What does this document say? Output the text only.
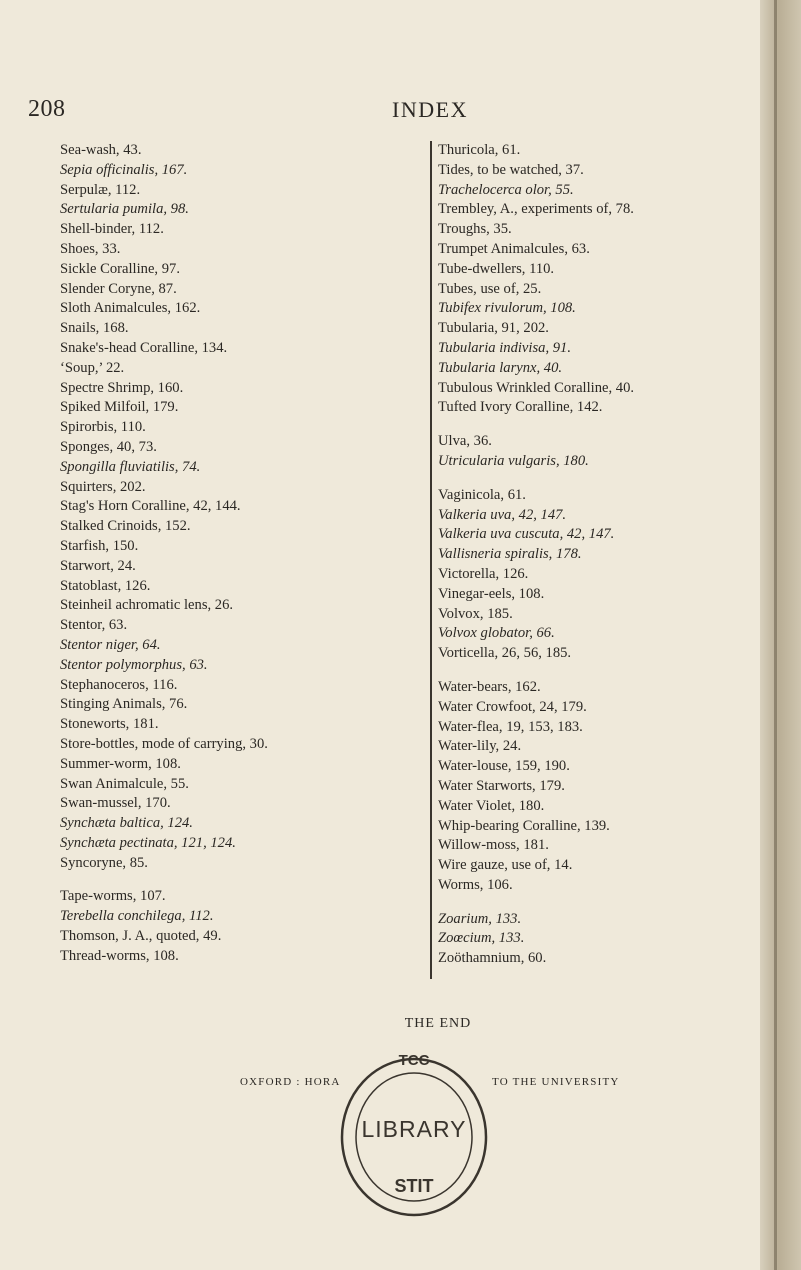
208	INDEX
Sea-wash, 43.
Sepia officinalis, 167.
Serpulæ, 112.
Sertularia pumila, 98.
Shell-binder, 112.
Shoes, 33.
Sickle Coralline, 97.
Slender Coryne, 87.
Sloth Animalcules, 162.
Snails, 168.
Snake's-head Coralline, 134.
‘Soup,’ 22.
Spectre Shrimp, 160.
Spiked Milfoil, 179.
Spirorbis, 110.
Sponges, 40, 73.
Spongilla fluviatilis, 74.
Squirters, 202.
Stag's Horn Coralline, 42, 144.
Stalked Crinoids, 152.
Starfish, 150.
Starwort, 24.
Statoblast, 126.
Steinheil achromatic lens, 26.
Stentor, 63.
Stentor niger, 64.
Stentor polymorphus, 63.
Stephanoceros, 116.
Stinging Animals, 76.
Stoneworts, 181.
Store-bottles, mode of carrying, 30.
Summer-worm, 108.
Swan Animalcule, 55.
Swan-mussel, 170.
Synchæta baltica, 124.
Synchæta pectinata, 121, 124.
Syncoryne, 85.
Tape-worms, 107.
Terebella conchilega, 112.
Thomson, J. A., quoted, 49.
Thread-worms, 108.
Thuricola, 61.
Tides, to be watched, 37.
Trachelocerca olor, 55.
Trembley, A., experiments of, 78.
Troughs, 35.
Trumpet Animalcules, 63.
Tube-dwellers, 110.
Tubes, use of, 25.
Tubifex rivulorum, 108.
Tubularia, 91, 202.
Tubularia indivisa, 91.
Tubularia larynx, 40.
Tubulous Wrinkled Coralline, 40.
Tufted Ivory Coralline, 142.
Ulva, 36.
Utricularia vulgaris, 180.
Vaginicola, 61.
Valkeria uva, 42, 147.
Valkeria uva cuscuta, 42, 147.
Vallisneria spiralis, 178.
Victorella, 126.
Vinegar-eels, 108.
Volvox, 185.
Volvox globator, 66.
Vorticella, 26, 56, 185.
Water-bears, 162.
Water Crowfoot, 24, 179.
Water-flea, 19, 153, 183.
Water-lily, 24.
Water-louse, 159, 190.
Water Starworts, 179.
Water Violet, 180.
Whip-bearing Coralline, 139.
Willow-moss, 181.
Wire gauze, use of, 14.
Worms, 106.
Zoarium, 133.
Zoœcium, 133.
Zoöthamnium, 60.
THE END
OXFORD : HORA	TO THE UNIVERSITY
TCC
LIBRARY
STIT
